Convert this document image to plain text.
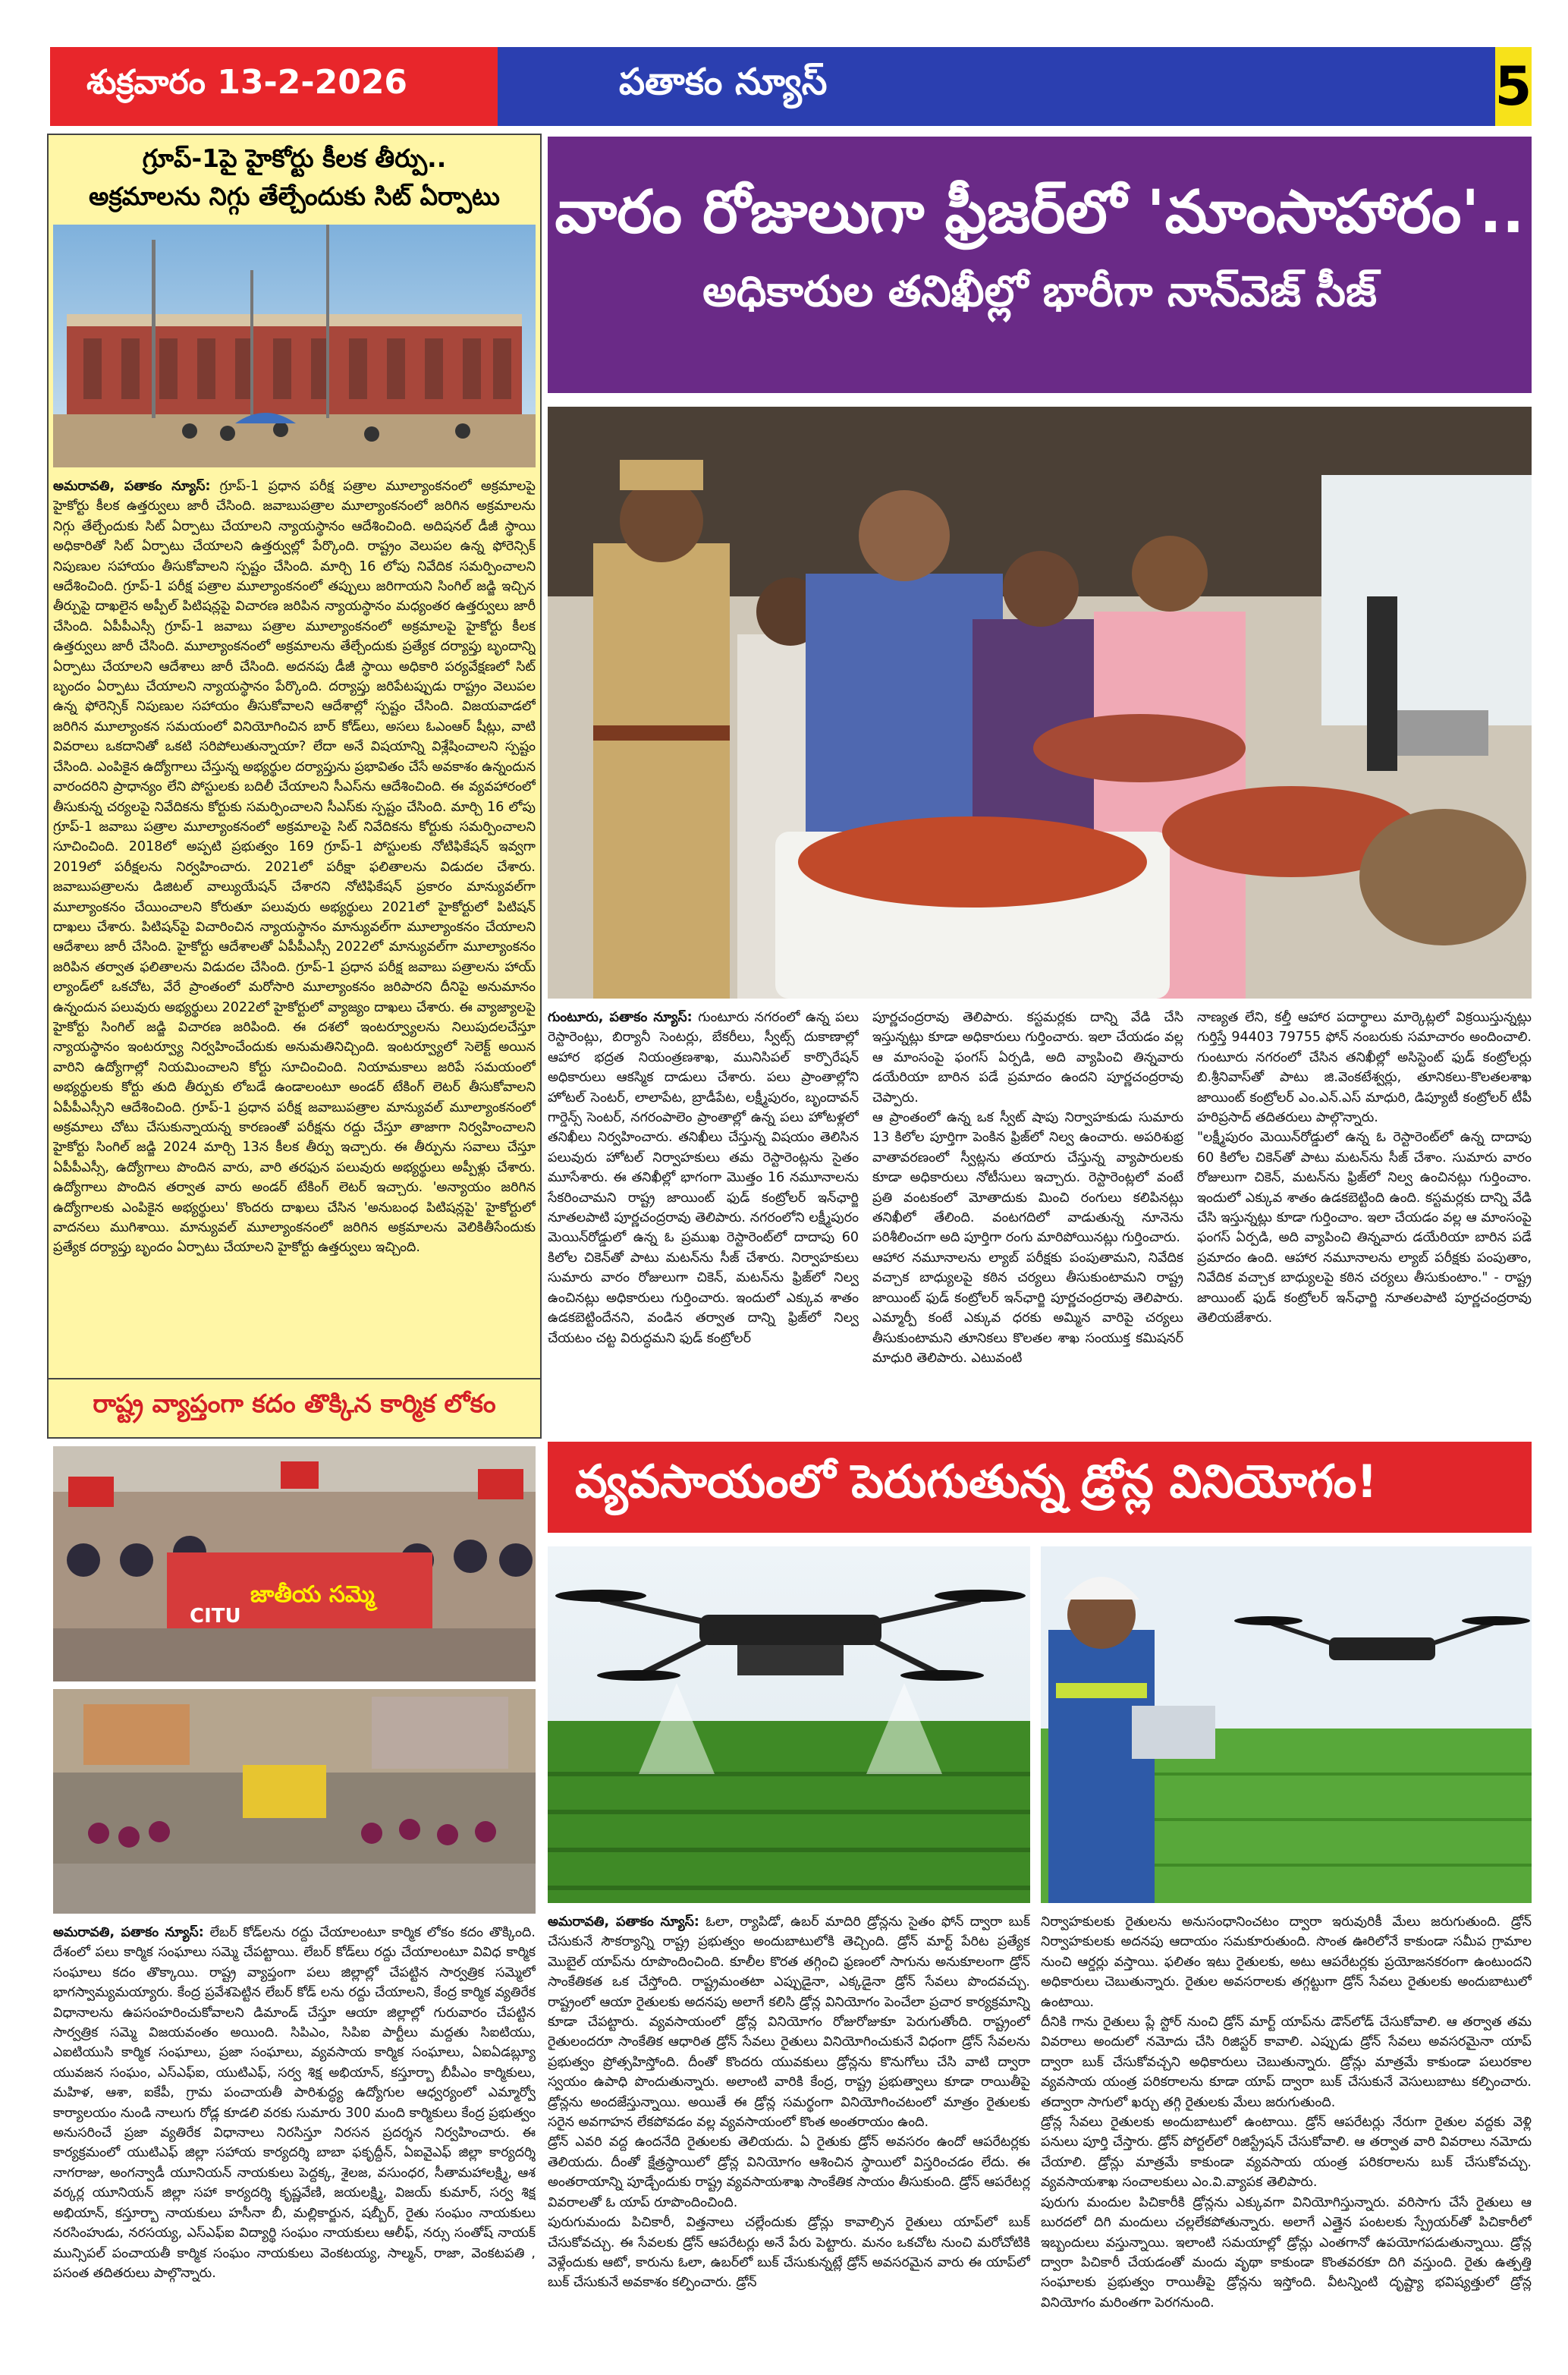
శుక్రవారం 13-2-2026	పతాకం న్యూస్	5
గ్రూప్-1పై హైకోర్టు కీలక తీర్పు..
అక్రమాలను నిగ్గు తేల్చేందుకు సిట్ ఏర్పాటు
అమరావతి, పతాకం న్యూస్: గ్రూప్-1 ప్రధాన పరీక్ష పత్రాల మూల్యాంకనంలో అక్రమాలపై హైకోర్టు కీలక ఉత్తర్వులు జారీ చేసింది. జవాబుపత్రాల మూల్యాంకనంలో జరిగిన అక్రమాలను నిగ్గు తేల్చేందుకు సిట్ ఏర్పాటు చేయాలని న్యాయస్థానం ఆదేశించింది. అదిషనల్ డీజీ స్థాయి అధికారితో సిట్ ఏర్పాటు చేయాలని ఉత్తర్వుల్లో పేర్కొంది. రాష్ట్రం వెలుపల ఉన్న ఫోరెన్సిక్ నిపుణుల సహాయం తీసుకోవాలని స్పష్టం చేసింది. మార్చి 16 లోపు నివేదిక సమర్పించాలని ఆదేశించింది. గ్రూప్-1 పరీక్ష పత్రాల మూల్యాంకనంలో తప్పులు జరిగాయని సింగిల్ జడ్జి ఇచ్చిన తీర్పుపై దాఖలైన అప్పీల్ పిటిషన్లపై విచారణ జరిపిన న్యాయస్థానం మధ్యంతర ఉత్తర్వులు జారీ చేసింది. ఏపీపీఎస్సీ గ్రూప్-1 జవాబు పత్రాల మూల్యాంకనంలో అక్రమాలపై హైకోర్టు కీలక ఉత్తర్వులు జారీ చేసింది. మూల్యాంకనంలో అక్రమాలను తేల్చేందుకు ప్రత్యేక దర్యాప్తు బృందాన్ని ఏర్పాటు చేయాలని ఆదేశాలు జారీ చేసింది. అదనపు డీజీ స్థాయి అధికారి పర్యవేక్షణలో సిట్ బృందం ఏర్పాటు చేయాలని న్యాయస్థానం పేర్కొంది. దర్యాప్తు జరిపేటప్పుడు రాష్ట్రం వెలుపల ఉన్న ఫోరెన్సిక్ నిపుణుల సహాయం తీసుకోవాలని ఆదేశాల్లో స్పష్టం చేసింది. విజయవాడలో జరిగిన మూల్యాంకన సమయంలో వినియోగించిన బార్ కోడ్‌లు, అసలు ఓఎంఆర్ షీట్లు, వాటి వివరాలు ఒకదానితో ఒకటి సరిపోలుతున్నాయా? లేదా అనే విషయాన్ని విశ్లేషించాలని స్పష్టం చేసింది. ఎంపికైన ఉద్యోగాలు చేస్తున్న అభ్యర్థుల దర్యాప్తును ప్రభావితం చేసే అవకాశం ఉన్నందున వారందరిని ప్రాధాన్యం లేని పోస్టులకు బదిలీ చేయాలని సీఎస్‌ను ఆదేశించింది. ఈ వ్యవహారంలో తీసుకున్న చర్యలపై నివేదికను కోర్టుకు సమర్పించాలని సీఎస్‌కు స్పష్టం చేసింది. మార్చి 16 లోపు గ్రూప్-1 జవాబు పత్రాల మూల్యాంకనంలో అక్రమాలపై సిట్ నివేదికను కోర్టుకు సమర్పించాలని సూచించింది. 2018లో అప్పటి ప్రభుత్వం 169 గ్రూప్-1 పోస్టులకు నోటిఫికేషన్ ఇవ్వగా 2019లో పరీక్షలను నిర్వహించారు. 2021లో పరీక్షా ఫలితాలను విడుదల చేశారు. జవాబుపత్రాలను డిజిటల్ వాల్యుయేషన్ చేశారని నోటిఫికేషన్ ప్రకారం మాన్యువల్‌గా మూల్యాంకనం చేయించాలని కోరుతూ పలువురు అభ్యర్థులు 2021లో హైకోర్టులో పిటిషన్ దాఖలు చేశారు. పిటిషన్‌పై విచారించిన న్యాయస్థానం మాన్యువల్‌గా మూల్యాంకనం చేయాలని ఆదేశాలు జారీ చేసింది. హైకోర్టు ఆదేశాలతో ఏపీపీఎస్సీ 2022లో మాన్యువల్‌గా మూల్యాంకనం జరిపిన తర్వాత ఫలితాలను విడుదల చేసింది. గ్రూప్-1 ప్రధాన పరీక్ష జవాబు పత్రాలను హాయ్ ల్యాండ్‌లో ఒకచోట, వేరే ప్రాంతంలో మరోసారి మూల్యాంకనం జరిపారని దీనిపై అనుమానం ఉన్నందున పలువురు అభ్యర్థులు 2022లో హైకోర్టులో వ్యాజ్యం దాఖలు చేశారు. ఈ వ్యాజ్యాలపై హైకోర్టు సింగిల్ జడ్జి విచారణ జరిపింది. ఈ దశలో ఇంటర్వ్యూలను నిలుపుదలచేస్తూ న్యాయస్థానం ఇంటర్వ్యూ నిర్వహించేందుకు అనుమతినిచ్చింది. ఇంటర్వ్యూలో సెలెక్ట్ అయిన వారిని ఉద్యోగాల్లో నియమించాలని కోర్టు సూచించింది. నియామకాలు జరిపే సమయంలో అభ్యర్థులకు కోర్టు తుది తీర్పుకు లోబడే ఉండాలంటూ అండర్ టేకింగ్ లెటర్ తీసుకోవాలని ఏపీపీఎస్సీని ఆదేశించింది. గ్రూప్-1 ప్రధాన పరీక్ష జవాబుపత్రాల మాన్యువల్ మూల్యాంకనంలో అక్రమాలు చోటు చేసుకున్నాయన్న కారణంతో పరీక్షను రద్దు చేస్తూ తాజాగా నిర్వహించాలని హైకోర్టు సింగిల్ జడ్జి 2024 మార్చి 13న కీలక తీర్పు ఇచ్చారు. ఈ తీర్పును సవాలు చేస్తూ ఏపీపీఎస్సీ, ఉద్యోగాలు పొందిన వారు, వారి తరఫున పలువురు అభ్యర్థులు అప్పీళ్లు చేశారు. ఉద్యోగాలు పొందిన తర్వాత వారు అండర్ టేకింగ్ లెటర్ ఇచ్చారు. 'అన్యాయం జరిగిన ఉద్యోగాలకు ఎంపికైన అభ్యర్థులు' కొందరు దాఖలు చేసిన 'అనుబంధ పిటిషన్లపై' హైకోర్టులో వాదనలు ముగిశాయి. మాన్యువల్ మూల్యాంకనంలో జరిగిన అక్రమాలను వెలికితీసేందుకు ప్రత్యేక దర్యాప్తు బృందం ఏర్పాటు చేయాలని హైకోర్టు ఉత్తర్వులు ఇచ్చింది.
రాష్ట్ర వ్యాప్తంగా కదం తొక్కిన కార్మిక లోకం
జాతీయ సమ్మె
CITU
అమరావతి, పతాకం న్యూస్: లేబర్ కోడ్‌లను రద్దు చేయాలంటూ కార్మిక లోకం కదం తొక్కింది. దేశంలో పలు కార్మిక సంఘాలు సమ్మె చేపట్టాయి. లేబర్ కోడ్‌లు రద్దు చేయాలంటూ వివిధ కార్మిక సంఘాలు కదం తొక్కాయి. రాష్ట్ర వ్యాప్తంగా పలు జిల్లాల్లో చేపట్టిన సార్వత్రిక సమ్మెలో భాగస్వామ్యమయ్యారు. కేంద్ర ప్రవేశపెట్టిన లేబర్ కోడ్ లను రద్దు చేయాలని, కేంద్ర కార్మిక వ్యతిరేక విధానాలను ఉపసంహరించుకోవాలని డిమాండ్ చేస్తూ ఆయా జిల్లాల్లో గురువారం చేపట్టిన సార్వత్రిక సమ్మె విజయవంతం అయింది. సిపిఎం, సిపిఐ పార్టీలు మద్దతు సిఐటియు, ఎఐటియుసి కార్మిక సంఘాలు, ప్రజా సంఘాలు, వ్యవసాయ కార్మిక సంఘాలు, ఏఐఏడబ్ల్యూ యువజన సంఘం, ఎస్ఎఫ్ఐ, యుటిఎఫ్, సర్వ శిక్ష అభియాన్, కస్తూర్బా బీపీఎం కార్మికులు, మహిళ, ఆశా, ఐకేపీ, గ్రామ పంచాయతీ పారిశుద్ధ్య ఉద్యోగుల ఆధ్వర్యంలో ఎమ్మార్వో కార్యాలయం నుండి నాలుగు రోడ్ల కూడలి వరకు సుమారు 300 మంది కార్మికులు కేంద్ర ప్రభుత్వం అనుసరించే ప్రజా వ్యతిరేక విధానాలు నిరసిస్తూ నిరసన ప్రదర్శన నిర్వహించారు. ఈ కార్యక్రమంలో యుటిఎఫ్ జిల్లా సహాయ కార్యదర్శి బాబా ఫకృద్దీన్, ఏఐవైఎఫ్ జిల్లా కార్యదర్శి నాగరాజు, అంగన్వాడీ యూనియన్ నాయకులు పెద్దక్క, శైలజ, వసుంధర, సీతామహాలక్ష్మి, ఆశ వర్కర్ల యూనియన్ జిల్లా సహా కార్యదర్శి కృష్ణవేణి, జయలక్ష్మి, విజయ్ కుమార్, సర్వ శిక్ష అభియాన్, కస్తూర్బా నాయకులు హసీనా బీ, మల్లికార్జున, షబ్బీర్, రైతు సంఘం నాయకులు నరసింహుడు, నరసయ్య, ఎస్ఎఫ్ఐ విద్యార్థి సంఘం నాయకులు ఆలీఫ్, నర్సు సంతోష్ నాయక్ మున్సిపల్ పంచాయతీ కార్మిక సంఘం నాయకులు వెంకటయ్య, సాల్మన్, రాజా, వెంకటపతి , పసంత తదితరులు పాల్గొన్నారు.
వారం రోజులుగా ఫ్రీజర్‌లో 'మాంసాహారం'..
అధికారుల తనిఖీల్లో భారీగా నాన్‌వెజ్ సీజ్
గుంటూరు, పతాకం న్యూస్: గుంటూరు నగరంలో ఉన్న పలు రెస్టారెంట్లు, బిర్యానీ సెంటర్లు, బేకరీలు, స్వీట్స్ దుకాణాల్లో ఆహార భద్రత నియంత్రణశాఖ, మునిసిపల్ కార్పొరేషన్ అధికారులు ఆకస్మిక దాడులు చేశారు. పలు ప్రాంతాల్లోని హోటల్ సెంటర్, లాలాపేట, బ్రాడీపేట, లక్ష్మీపురం, బృందావన్ గార్డెన్స్ సెంటర్, నగరంపాలెం ప్రాంతాల్లో ఉన్న పలు హోటళ్లలో తనిఖీలు నిర్వహించారు. తనిఖీలు చేస్తున్న విషయం తెలిసిన పలువురు హోటల్ నిర్వాహకులు తమ రెస్టారెంట్లను సైతం మూసేశారు. ఈ తనిఖీల్లో భాగంగా మొత్తం 16 నమూనాలను సేకరించామని రాష్ట్ర జాయింట్ ఫుడ్ కంట్రోలర్ ఇన్‌ఛార్జి నూతలపాటి పూర్ణచంద్రరావు తెలిపారు. నగరంలోని లక్ష్మీపురం మెయిన్‌రోడ్డులో ఉన్న ఓ ప్రముఖ రెస్టారెంట్‌లో దాదాపు 60 కిలోల చికెన్‌తో పాటు మటన్‌ను సీజ్ చేశారు. నిర్వాహకులు సుమారు వారం రోజులుగా చికెన్, మటన్‌ను ఫ్రిజ్‌లో నిల్వ ఉంచినట్లు అధికారులు గుర్తించారు. ఇందులో ఎక్కువ శాతం ఉడకబెట్టిందేనని, వండిన తర్వాత దాన్ని ఫ్రిజ్‌లో నిల్వ చేయటం చట్ట విరుద్ధమని ఫుడ్ కంట్రోలర్
పూర్ణచంద్రరావు తెలిపారు. కస్టమర్లకు దాన్ని వేడి చేసి ఇస్తున్నట్లు కూడా అధికారులు గుర్తించారు. ఇలా చేయడం వల్ల ఆ మాంసంపై ఫంగస్ ఏర్పడి, అది వ్యాపించి తిన్నవారు డయేరియా బారిన పడే ప్రమాదం ఉందని పూర్ణచంద్రరావు చెప్పారు.
ఆ ప్రాంతంలో ఉన్న ఒక స్వీట్ షాపు నిర్వాహకుడు సుమారు 13 కిలోల పూర్తిగా పెంకిన ఫ్రిజ్‌లో నిల్వ ఉంచారు. అపరిశుభ్ర వాతావరణంలో స్వీట్లను తయారు చేస్తున్న వ్యాపారులకు కూడా అధికారులు నోటీసులు ఇచ్చారు. రెస్టారెంట్లలో వంటే ప్రతి వంటకంలో మోతాదుకు మించి రంగులు కలిపినట్లు తనిఖీలో తేలింది. వంటగదిలో వాడుతున్న నూనెను పరిశీలించగా అది పూర్తిగా రంగు మారిపోయినట్లు గుర్తించారు.
ఆహార నమూనాలను ల్యాబ్ పరీక్షకు పంపుతామని, నివేదిక వచ్చాక బాధ్యులపై కఠిన చర్యలు తీసుకుంటామని రాష్ట్ర జాయింట్ ఫుడ్ కంట్రోలర్ ఇన్‌ఛార్జి పూర్ణచంద్రరావు తెలిపారు. ఎమ్మార్పీ కంటే ఎక్కువ ధరకు అమ్మిన వారిపై చర్యలు తీసుకుంటామని తూనికలు కొలతల శాఖ సంయుక్త కమిషనర్ మాధురి తెలిపారు. ఎటువంటి
నాణ్యత లేని, కల్తీ ఆహార పదార్థాలు మార్కెట్లలో విక్రయిస్తున్నట్లు గుర్తిస్తే 94403 79755 ఫోన్ నంబరుకు సమాచారం అందించాలి. గుంటూరు నగరంలో చేసిన తనిఖీల్లో అసిస్టెంట్ ఫుడ్ కంట్రోలర్లు బి.శ్రీనివాస్‌తో పాటు జి.వెంకటేశ్వర్లు, తూనికలు-కొలతలశాఖ జాయింట్ కంట్రోలర్ ఎం.ఎన్.ఎస్ మాధురి, డిప్యూటీ కంట్రోలర్ టీపీ హరిప్రసాద్ తదితరులు పాల్గొన్నారు.
"లక్ష్మీపురం మెయిన్‌రోడ్డులో ఉన్న ఓ రెస్టారెంట్‌లో ఉన్న దాదాపు 60 కిలోల చికెన్‌తో పాటు మటన్‌ను సీజ్ చేశాం. సుమారు వారం రోజులుగా చికెన్, మటన్‌ను ఫ్రిజ్‌లో నిల్వ ఉంచినట్లు గుర్తించాం. ఇందులో ఎక్కువ శాతం ఉడకబెట్టింది ఉంది. కస్టమర్లకు దాన్ని వేడి చేసి ఇస్తున్నట్లు కూడా గుర్తించాం. ఇలా చేయడం వల్ల ఆ మాంసంపై ఫంగస్ ఏర్పడి, అది వ్యాపించి తిన్నవారు డయేరియా బారిన పడే ప్రమాదం ఉంది. ఆహార నమూనాలను ల్యాబ్ పరీక్షకు పంపుతాం, నివేదిక వచ్చాక బాధ్యులపై కఠిన చర్యలు తీసుకుంటాం." - రాష్ట్ర జాయింట్ ఫుడ్ కంట్రోలర్ ఇన్‌ఛార్జి నూతలపాటి పూర్ణచంద్రరావు తెలియజేశారు.
వ్యవసాయంలో పెరుగుతున్న డ్రోన్ల వినియోగం!
అమరావతి, పతాకం న్యూస్: ఓలా, ర్యాపిడో, ఉబర్ మాదిరి డ్రోన్లను సైతం ఫోన్ ద్వారా బుక్ చేసుకునే సౌకర్యాన్ని రాష్ట్ర ప్రభుత్వం అందుబాటులోకి తెచ్చింది. డ్రోన్ మార్ట్ పేరిట ప్రత్యేక మొబైల్ యాప్‌ను రూపొందించింది. కూలీల కొరత తగ్గించి ఫ్రణంలో సాగును అనుకూలంగా డ్రోన్ సాంకేతికత ఒక చేస్తోంది. రాష్ట్రమంతటా ఎప్పుడైనా, ఎక్కడైనా డ్రోన్ సేవలు పొందవచ్చు. రాష్ట్రంలో ఆయా రైతులకు అదనపు అలాగే కలిసి డ్రోన్ల వినియోగం పెంచేలా ప్రచార కార్యక్రమాన్ని కూడా చేపట్టారు. వ్యవసాయంలో డ్రోన్ల వినియోగం రోజురోజుకూ పెరుగుతోంది. రాష్ట్రంలో రైతులందరూ సాంకేతిక ఆధారిత డ్రోన్ సేవలు రైతులు వినియోగించుకునే విధంగా డ్రోన్ సేవలను ప్రభుత్వం ప్రోత్సహిస్తోంది. దీంతో కొందరు యువకులు డ్రోన్లను కొనుగోలు చేసి వాటి ద్వారా స్వయం ఉపాధి పొందుతున్నారు. అలాంటి వారికి కేంద్ర, రాష్ట్ర ప్రభుత్వాలు కూడా రాయితీపై డ్రోన్లను అందజేస్తున్నాయి. అయితే ఈ డ్రోన్ల సమర్థంగా వినియోగించటంలో మాత్రం రైతులకు సరైన అవగాహన లేకపోవడం వల్ల వ్యవసాయంలో కొంత అంతరాయం ఉంది.
డ్రోన్ ఎవరి వద్ద ఉందనేది రైతులకు తెలియదు. ఏ రైతుకు డ్రోన్ అవసరం ఉందో ఆపరేటర్లకు తెలియదు. దీంతో క్షేత్రస్థాయిలో డ్రోన్ల వినియోగం ఆశించిన స్థాయిలో విస్తరించడం లేదు. ఈ అంతరాయాన్ని పూడ్చేందుకు రాష్ట్ర వ్యవసాయశాఖ సాంకేతిక సాయం తీసుకుంది. డ్రోన్ ఆపరేటర్ల వివరాలతో ఓ యాప్ రూపొందించింది.
పురుగుమందు పిచికారీ, విత్తనాలు చల్లేందుకు డ్రోన్లు కావాల్సిన రైతులు యాప్‌లో బుక్ చేసుకోవచ్చు. ఈ సేవలకు డ్రోన్ ఆపరేటర్లు అనే పేరు పెట్టారు. మనం ఒకచోట నుంచి మరోచోటికి వెళ్లేందుకు ఆటో, కారును ఓలా, ఉబర్‌లో బుక్ చేసుకున్నట్లే డ్రోన్ అవసరమైన వారు ఈ యాప్‌లో బుక్ చేసుకునే అవకాశం కల్పించారు. డ్రోన్
నిర్వాహకులకు రైతులను అనుసంధానించటం ద్వారా ఇరువురికీ మేలు జరుగుతుంది. డ్రోన్ నిర్వాహకులకు అదనపు ఆదాయం సమకూరుతుంది. సొంత ఊరిలోనే కాకుండా సమీప గ్రామాల నుంచి ఆర్డర్లు వస్తాయి. ఫలితం ఇటు రైతులకు, అటు ఆపరేటర్లకు ప్రయోజనకరంగా ఉంటుందని అధికారులు చెబుతున్నారు. రైతుల అవసరాలకు తగ్గట్టుగా డ్రోన్ సేవలు రైతులకు అందుబాటులో ఉంటాయి.
దీనికి గాను రైతులు ప్లే స్టోర్ నుంచి డ్రోన్ మార్ట్ యాప్‌ను డౌన్‌లోడ్ చేసుకోవాలి. ఆ తర్వాత తమ వివరాలు అందులో నమోదు చేసి రిజిస్టర్ కావాలి. ఎప్పుడు డ్రోన్ సేవలు అవసరమైనా యాప్ ద్వారా బుక్ చేసుకోవచ్చని అధికారులు చెబుతున్నారు. డ్రోన్లు మాత్రమే కాకుండా పలురకాల వ్యవసాయ యంత్ర పరికరాలను కూడా యాప్ ద్వారా బుక్ చేసుకునే వెసులుబాటు కల్పించారు. తద్వారా సాగులో ఖర్చు తగ్గి రైతులకు మేలు జరుగుతుంది.
డ్రోన్ల సేవలు రైతులకు అందుబాటులో ఉంటాయి. డ్రోన్ ఆపరేటర్లు నేరుగా రైతుల వద్దకు వెళ్లి పనులు పూర్తి చేస్తారు. డ్రోన్ పోర్టల్‌లో రిజిస్ట్రేషన్ చేసుకోవాలి. ఆ తర్వాత వారి వివరాలు నమోదు చేయాలి. డ్రోన్లు మాత్రమే కాకుండా వ్యవసాయ యంత్ర పరికరాలను బుక్ చేసుకోవచ్చు. వ్యవసాయశాఖ సంచాలకులు ఎం.వి.వ్యాపక తెలిపారు.
పురుగు మందుల పిచికారీకి డ్రోన్లను ఎక్కువగా వినియోగిస్తున్నారు. వరిసాగు చేసే రైతులు ఆ బురదలో దిగి మందులు చల్లలేకపోతున్నారు. అలాగే ఎత్తైన పంటలకు స్ప్రేయర్‌తో పిచికారీలో ఇబ్బందులు వస్తున్నాయి. ఇలాంటి సమయాల్లో డ్రోన్లు ఎంతగానో ఉపయోగపడుతున్నాయి. డ్రోన్ల ద్వారా పిచికారీ చేయడంతో మందు వృథా కాకుండా కొంతవరకూ దిగి వస్తుంది. రైతు ఉత్పత్తి సంఘాలకు ప్రభుత్వం రాయితీపై డ్రోన్లను ఇస్తోంది. వీటన్నింటి దృష్ట్యా భవిష్యత్తులో డ్రోన్ల వినియోగం మరింతగా పెరగనుంది.
